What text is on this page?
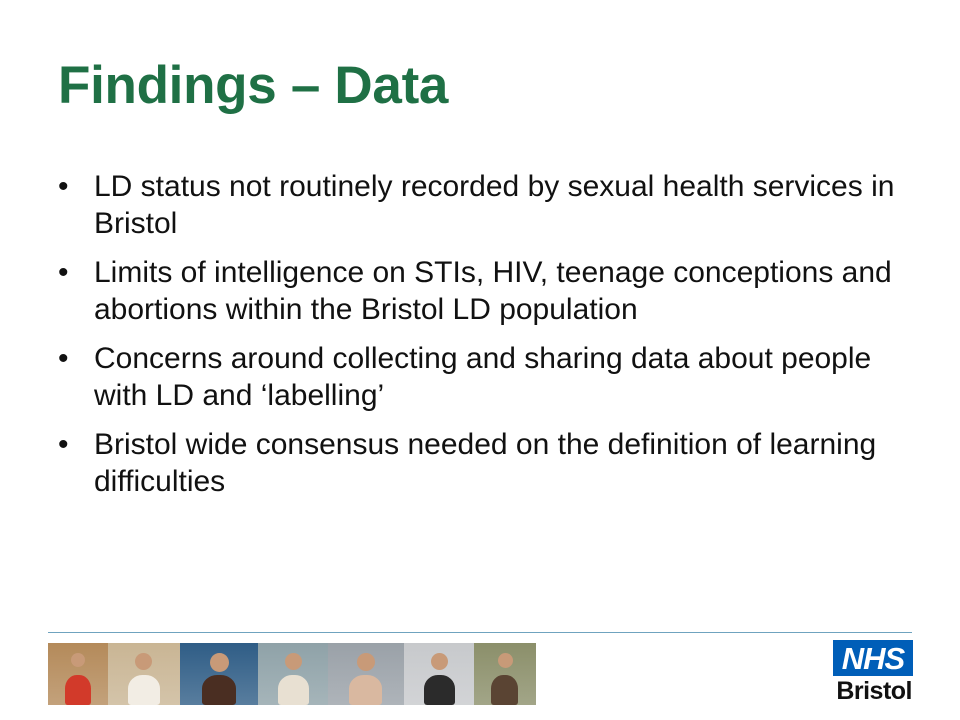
Findings – Data
• LD status not routinely recorded by sexual health services in Bristol
• Limits of intelligence on STIs, HIV, teenage conceptions and abortions within the Bristol LD population
• Concerns around collecting and sharing data about people with LD and ‘labelling’
• Bristol wide consensus needed on the definition of learning difficulties
NHS
Bristol
